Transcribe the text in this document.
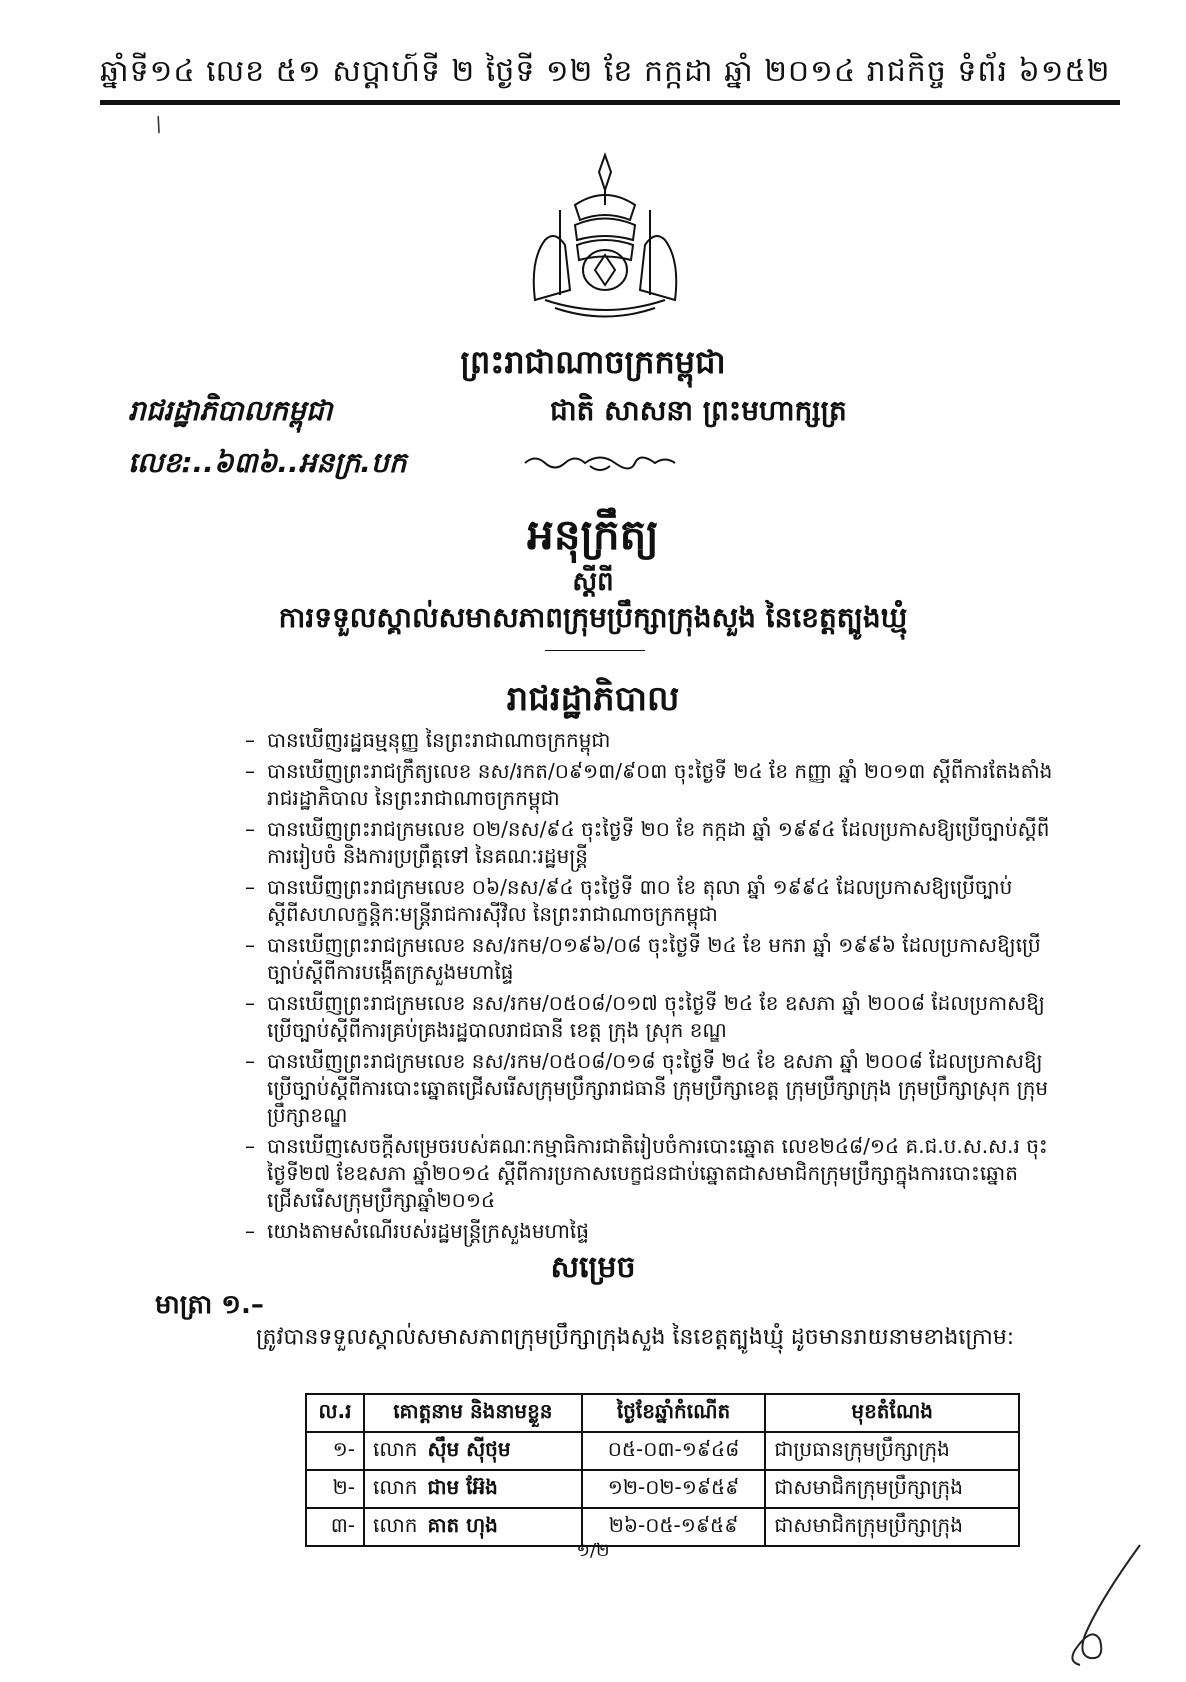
ឆ្នាំទី១៤ លេខ ៥១ សប្តាហ៍ទី ២ ថ្ងៃទី ១២ ខែ កក្កដា ឆ្នាំ ២០១៤ រាជកិច្ច ទំព័រ ៦១៥២
/
ព្រះរាជាណាចក្រកម្ពុជា
រាជរដ្ឋាភិបាលកម្ពុជា	ជាតិ សាសនា ព្រះមហាក្សត្រ
លេខ:..៦៣៦..អនក្រ.បក
អនុក្រឹត្យ
ស្តីពី
ការទទួលស្គាល់សមាសភាពក្រុមប្រឹក្សាក្រុងសួង នៃខេត្តត្បូងឃ្មុំ
រាជរដ្ឋាភិបាល
– បានឃើញរដ្ឋធម្មនុញ្ញ នៃព្រះរាជាណាចក្រកម្ពុជា
– បានឃើញព្រះរាជក្រឹត្យលេខ នស/រកត/០៩១៣/៩០៣ ចុះថ្ងៃទី ២៤ ខែ កញ្ញា ឆ្នាំ ២០១៣ ស្តីពីការតែងតាំងរាជរដ្ឋាភិបាល នៃព្រះរាជាណាចក្រកម្ពុជា
– បានឃើញព្រះរាជក្រមលេខ ០២/នស/៩៤ ចុះថ្ងៃទី ២០ ខែ កក្កដា ឆ្នាំ ១៩៩៤ ដែលប្រកាសឱ្យប្រើច្បាប់ស្តីពីការរៀបចំ និងការប្រព្រឹត្តទៅ នៃគណៈរដ្ឋមន្ត្រី
– បានឃើញព្រះរាជក្រមលេខ ០៦/នស/៩៤ ចុះថ្ងៃទី ៣០ ខែ តុលា ឆ្នាំ ១៩៩៤ ដែលប្រកាសឱ្យប្រើច្បាប់ស្តីពីសហលក្ខន្តិកៈមន្ត្រីរាជការស៊ីវិល នៃព្រះរាជាណាចក្រកម្ពុជា
– បានឃើញព្រះរាជក្រមលេខ នស/រកម/០១៩៦/០៨ ចុះថ្ងៃទី ២៤ ខែ មករា ឆ្នាំ ១៩៩៦ ដែលប្រកាសឱ្យប្រើច្បាប់ស្តីពីការបង្កើតក្រសួងមហាផ្ទៃ
– បានឃើញព្រះរាជក្រមលេខ នស/រកម/០៥០៨/០១៧ ចុះថ្ងៃទី ២៤ ខែ ឧសភា ឆ្នាំ ២០០៨ ដែលប្រកាសឱ្យប្រើច្បាប់ស្តីពីការគ្រប់គ្រងរដ្ឋបាលរាជធានី ខេត្ត ក្រុង ស្រុក ខណ្ឌ
– បានឃើញព្រះរាជក្រមលេខ នស/រកម/០៥០៨/០១៨ ចុះថ្ងៃទី ២៤ ខែ ឧសភា ឆ្នាំ ២០០៨ ដែលប្រកាសឱ្យប្រើច្បាប់ស្តីពីការបោះឆ្នោតជ្រើសរើសក្រុមប្រឹក្សារាជធានី ក្រុមប្រឹក្សាខេត្ត ក្រុមប្រឹក្សាក្រុង ក្រុមប្រឹក្សាស្រុក ក្រុមប្រឹក្សាខណ្ឌ
– បានឃើញសេចក្តីសម្រេចរបស់គណៈកម្មាធិការជាតិរៀបចំការបោះឆ្នោត លេខ២៤៨/១៤ គ.ជ.ប.ស.ស.រ ចុះថ្ងៃទី២៧ ខែឧសភា ឆ្នាំ២០១៤ ស្តីពីការប្រកាសបេក្ខជនជាប់ឆ្នោតជាសមាជិកក្រុមប្រឹក្សាក្នុងការបោះឆ្នោតជ្រើសរើសក្រុមប្រឹក្សាឆ្នាំ២០១៤
– យោងតាមសំណើរបស់រដ្ឋមន្ត្រីក្រសួងមហាផ្ទៃ
សម្រេច
មាត្រា ១.–
ត្រូវបានទទួលស្គាល់សមាសភាពក្រុមប្រឹក្សាក្រុងសួង នៃខេត្តត្បូងឃ្មុំ ដូចមានរាយនាមខាងក្រោម:
ល.រ	គោត្តនាម និងនាមខ្លួន	ថ្ងៃខែឆ្នាំកំណើត	មុខតំណែង
១-	លោក ស៊ឹម ស៊ីថុម	០៥-០៣-១៩៤៨	ជាប្រធានក្រុមប្រឹក្សាក្រុង
២-	លោក ជាម អ៊ែង	១២-០២-១៩៥៩	ជាសមាជិកក្រុមប្រឹក្សាក្រុង
៣-	លោក គាត ហុង	២៦-០៥-១៩៥៩	ជាសមាជិកក្រុមប្រឹក្សាក្រុង
១/២
